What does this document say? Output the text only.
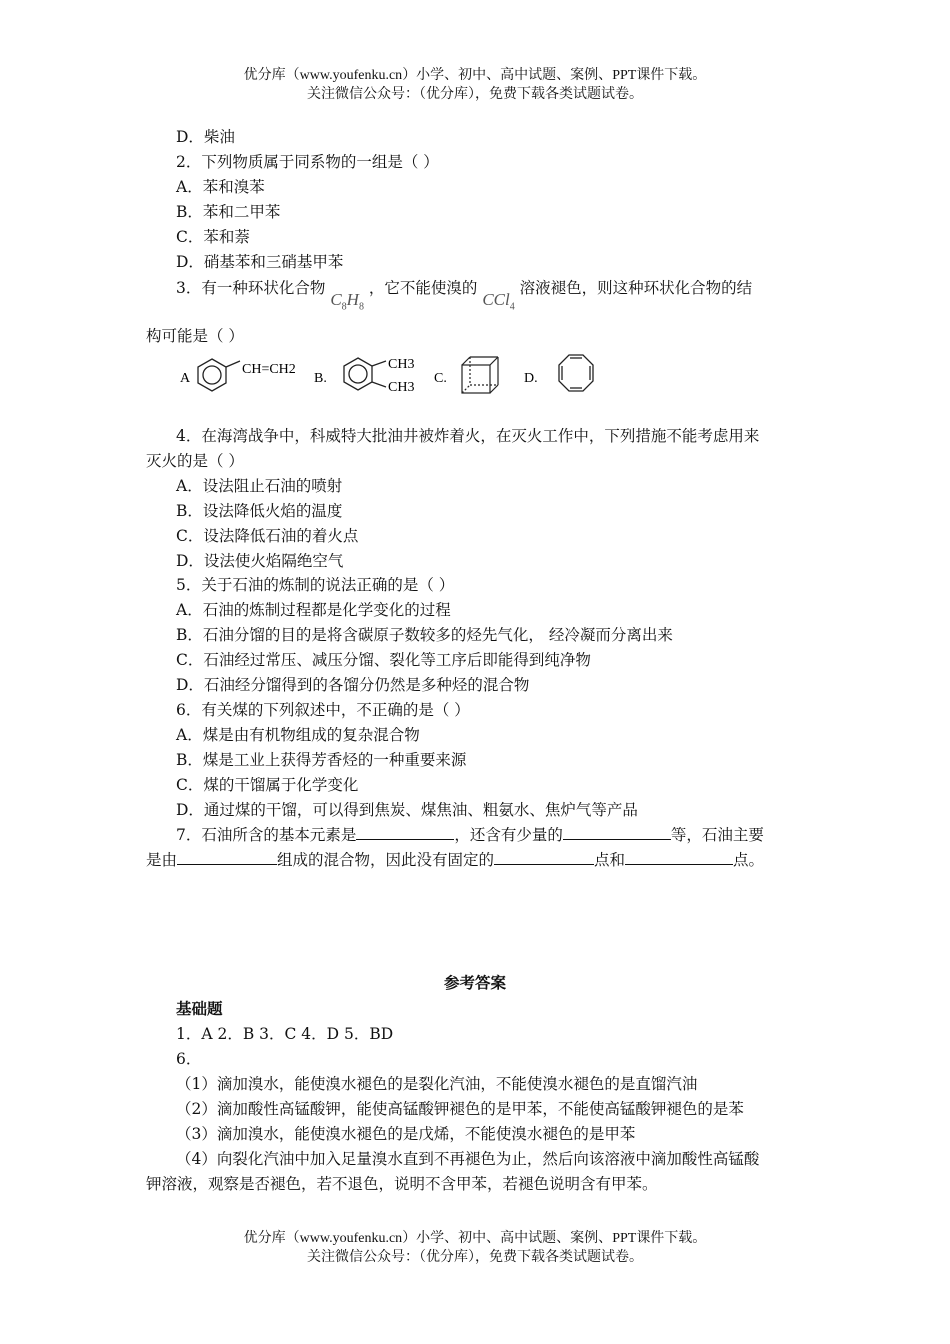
优分库（www.youfenku.cn）小学、初中、高中试题、案例、PPT课件下载。
关注微信公众号：（优分库），免费下载各类试题试卷。
D．柴油
2．下列物质属于同系物的一组是（ ）
A．苯和溴苯
B．苯和二甲苯
C．苯和萘
D．硝基苯和三硝基甲苯
3．有一种环状化合物 $C_8H_8$ ，它不能使溴的 CCl$_4$ 溶液褪色，则这种环状化合物的结
构可能是（ ）
A
CH=CH2
B.
CH3
CH3
C.	D.
4．在海湾战争中，科威特大批油井被炸着火，在灭火工作中，下列措施不能考虑用来
灭火的是（ ）
A．设法阻止石油的喷射
B．设法降低火焰的温度
C．设法降低石油的着火点
D．设法使火焰隔绝空气
5．关于石油的炼制的说法正确的是（ ）
A．石油的炼制过程都是化学变化的过程
B．石油分馏的目的是将含碳原子数较多的烃先气化， 经冷凝而分离出来
C．石油经过常压、减压分馏、裂化等工序后即能得到纯净物
D．石油经分馏得到的各馏分仍然是多种烃的混合物
6．有关煤的下列叙述中，不正确的是（ ）
A．煤是由有机物组成的复杂混合物
B．煤是工业上获得芳香烃的一种重要来源
C．煤的干馏属于化学变化
D．通过煤的干馏，可以得到焦炭、煤焦油、粗氨水、焦炉气等产品
7．石油所含的基本元素是	，还含有少量的	等，石油主要
是由	组成的混合物，因此没有固定的	点和	点。
参考答案
基础题
1．A 2．B 3．C 4．D 5．BD
6．
（1）滴加溴水，能使溴水褪色的是裂化汽油，不能使溴水褪色的是直馏汽油
（2）滴加酸性高锰酸钾，能使高锰酸钾褪色的是甲苯，不能使高锰酸钾褪色的是苯
（3）滴加溴水，能使溴水褪色的是戊烯，不能使溴水褪色的是甲苯
（4）向裂化汽油中加入足量溴水直到不再褪色为止，然后向该溶液中滴加酸性高锰酸
钾溶液，观察是否褪色，若不退色，说明不含甲苯，若褪色说明含有甲苯。
优分库（www.youfenku.cn）小学、初中、高中试题、案例、PPT课件下载。
关注微信公众号：（优分库），免费下载各类试题试卷。
